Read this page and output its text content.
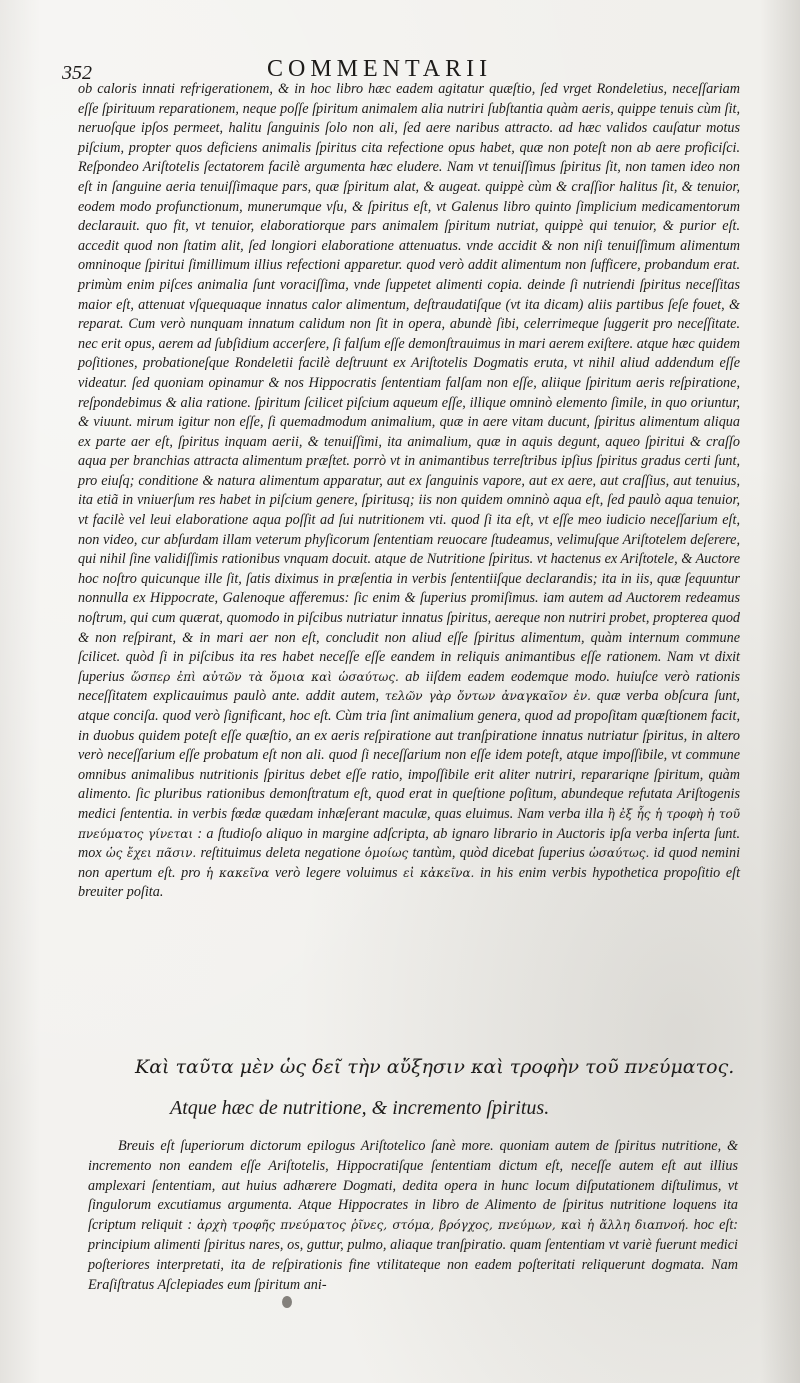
352	COMMENTARII

ob caloris innati refrigerationem, & in hoc libro hæc eadem agitatur quæſtio, ſed vrget Rondeletius, neceſſariam eſſe ſpirituum reparationem, neque poſſe ſpiritum animalem alia nutriri ſubſtantia quàm aeris, quippe tenuis cùm ſit, neruoſque ipſos permeet, halitu ſanguinis ſolo non ali, ſed aere naribus attracto. ad hæc validos cauſatur motus piſcium, propter quos deficiens animalis ſpiritus cita refectione opus habet, quæ non poteſt non ab aere proficiſci. Reſpondeo Ariſtotelis ſectatorem facilè argumenta hæc eludere. Nam vt tenuiſſimus ſpiritus ſit, non tamen ideo non eſt in ſanguine aeria tenuiſſimaque pars, quæ ſpiritum alat, & augeat. quippè cùm & craſſior halitus ſit, & tenuior, eodem modo profunctionum, munerumque vſu, & ſpiritus eſt, vt Galenus libro quinto ſimplicium medicamentorum declarauit. quo fit, vt tenuior, elaboratiorque pars animalem ſpiritum nutriat, quippè qui tenuior, & purior eſt. accedit quod non ſtatim alit, ſed longiori elaboratione attenuatus. vnde accidit & non niſi tenuiſſimum alimentum omninoque ſpiritui ſimillimum illius refectioni apparetur. quod verò addit alimentum non ſufficere, probandum erat. primùm enim piſces animalia ſunt voraciſſima, vnde ſuppetet alimenti copia. deinde ſi nutriendi ſpiritus neceſſitas maior eſt, attenuat vſquequaque innatus calor alimentum, deſtraudatiſque (vt ita dicam) aliis partibus ſeſe fouet, & reparat. Cum verò nunquam innatum calidum non ſit in opera, abundè ſibi, celerrimeque ſuggerit pro neceſſitate. nec erit opus, aerem ad ſubſidium accerſere, ſi falſum eſſe demonſtrauimus in mari aerem exiſtere. atque hæc quidem poſitiones, probationeſque Rondeletii facilè deſtruunt ex Ariſtotelis Dogmatis eruta, vt nihil aliud addendum eſſe videatur. ſed quoniam opinamur & nos Hippocratis ſententiam falſam non eſſe, aliique ſpiritum aeris reſpiratione, reſpondebimus & alia ratione. ſpiritum ſcilicet piſcium aqueum eſſe, illique omninò elemento ſimile, in quo oriuntur, & viuunt. mirum igitur non eſſe, ſi quemadmodum animalium, quæ in aere vitam ducunt, ſpiritus alimentum aliqua ex parte aer eſt, ſpiritus inquam aerii, & tenuiſſimi, ita animalium, quæ in aquis degunt, aqueo ſpiritui & craſſo aqua per branchias attracta alimentum præſtet. porrò vt in animantibus terreſtribus ipſius ſpiritus gradus certi ſunt, pro eiuſq; conditione & natura alimentum apparatur, aut ex ſanguinis vapore, aut ex aere, aut craſſius, aut tenuius, ita etiã in vniuerſum res habet in piſcium genere, ſpiritusq; iis non quidem omninò aqua eſt, ſed paulò aqua tenuior, vt facilè vel leui elaboratione aqua poſſit ad ſui nutritionem vti. quod ſi ita eſt, vt eſſe meo iudicio neceſſarium eſt, non video, cur abſurdam illam veterum phyſicorum ſententiam reuocare ſtudeamus, velimuſque Ariſtotelem deſerere, qui nihil ſine validiſſimis rationibus vnquam docuit. atque de Nutritione ſpiritus. vt hactenus ex Ariſtotele, & Auctore hoc noſtro quicunque ille ſit, ſatis diximus in præſentia in verbis ſententiiſque declarandis; ita in iis, quæ ſequuntur nonnulla ex Hippocrate, Galenoque afferemus: ſic enim & ſuperius promiſimus. iam autem ad Auctorem redeamus noſtrum, qui cum quærat, quomodo in piſcibus nutriatur innatus ſpiritus, aereque non nutriri probet, propterea quod & non reſpirant, & in mari aer non eſt, concludit non aliud eſſe ſpiritus alimentum, quàm internum commune ſcilicet. quòd ſi in piſcibus ita res habet neceſſe eſſe eandem in reliquis animantibus eſſe rationem. Nam vt dixit ſuperius ὥσπερ ἐπὶ αὐτῶν τὰ ὅμοια καὶ ὡσαύτως. ab iiſdem eadem eodemque modo. huiuſce verò rationis neceſſitatem explicauimus paulò ante. addit autem, τελῶν γὰρ ὄντων ἀναγκαῖον ἐν. quæ verba obſcura ſunt, atque conciſa. quod verò ſignificant, hoc eſt. Cùm tria ſint animalium genera, quod ad propoſitam quæſtionem facit, in duobus quidem poteſt eſſe quæſtio, an ex aeris reſpiratione aut tranſpiratione innatus nutriatur ſpiritus, in altero verò neceſſarium eſſe probatum eſt non ali. quod ſi neceſſarium non eſſe idem poteſt, atque impoſſibile, vt commune omnibus animalibus nutritionis ſpiritus debet eſſe ratio, impoſſibile erit aliter nutriri, reparariqne ſpiritum, quàm alimento. ſic pluribus rationibus demonſtratum eſt, quod erat in queſtione poſitum, abundeque refutata Ariſtogenis medici ſententia. in verbis fœdæ quædam inhæſerant maculæ, quas eluimus. Nam verba illa ἢ ἐξ ἧς ἡ τροφὴ ἡ τοῦ πνεύματος γίνεται : a ſtudioſo aliquo in margine adſcripta, ab ignaro librario in Auctoris ipſa verba inſerta ſunt. mox ὡς ἔχει πᾶσιν. reſtituimus deleta negatione ὁμοίως tantùm, quòd dicebat ſuperius ὡσαύτως. id quod nemini non apertum eſt. pro ἡ κακεῖνα verò legere voluimus εἰ κἀκεῖνα. in his enim verbis hypothetica propoſitio eſt breuiter poſita.

Καὶ ταῦτα μὲν ὡς δεῖ τὴν αὔξησιν καὶ τροφὴν τοῦ πνεύματος.
Atque hæc de nutritione, & incremento ſpiritus.

Breuis eſt ſuperiorum dictorum epilogus Ariſtotelico ſanè more. quoniam autem de ſpiritus nutritione, & incremento non eandem eſſe Ariſtotelis, Hippocratiſque ſententiam dictum eſt, neceſſe autem eſt aut illius amplexari ſententiam, aut huius adhærere Dogmati, dedita opera in hunc locum diſputationem diſtulimus, vt ſingulorum excutiamus argumenta. Atque Hippocrates in libro de Alimento de ſpiritus nutritione loquens ita ſcriptum reliquit : ἀρχὴ τροφῆς πνεύματος ῥῖνες, στόμα, βρόγχος, πνεύμων, καὶ ἡ ἄλλη διαπνοή. hoc eſt: principium alimenti ſpiritus nares, os, guttur, pulmo, aliaque tranſpiratio. quam ſententiam vt variè fuerunt medici poſteriores interpretati, ita de reſpirationis fine vtilitateque non eadem poſteritati reliquerunt dogmata. Nam Eraſiſtratus Aſclepiades eum ſpiritum ani-
